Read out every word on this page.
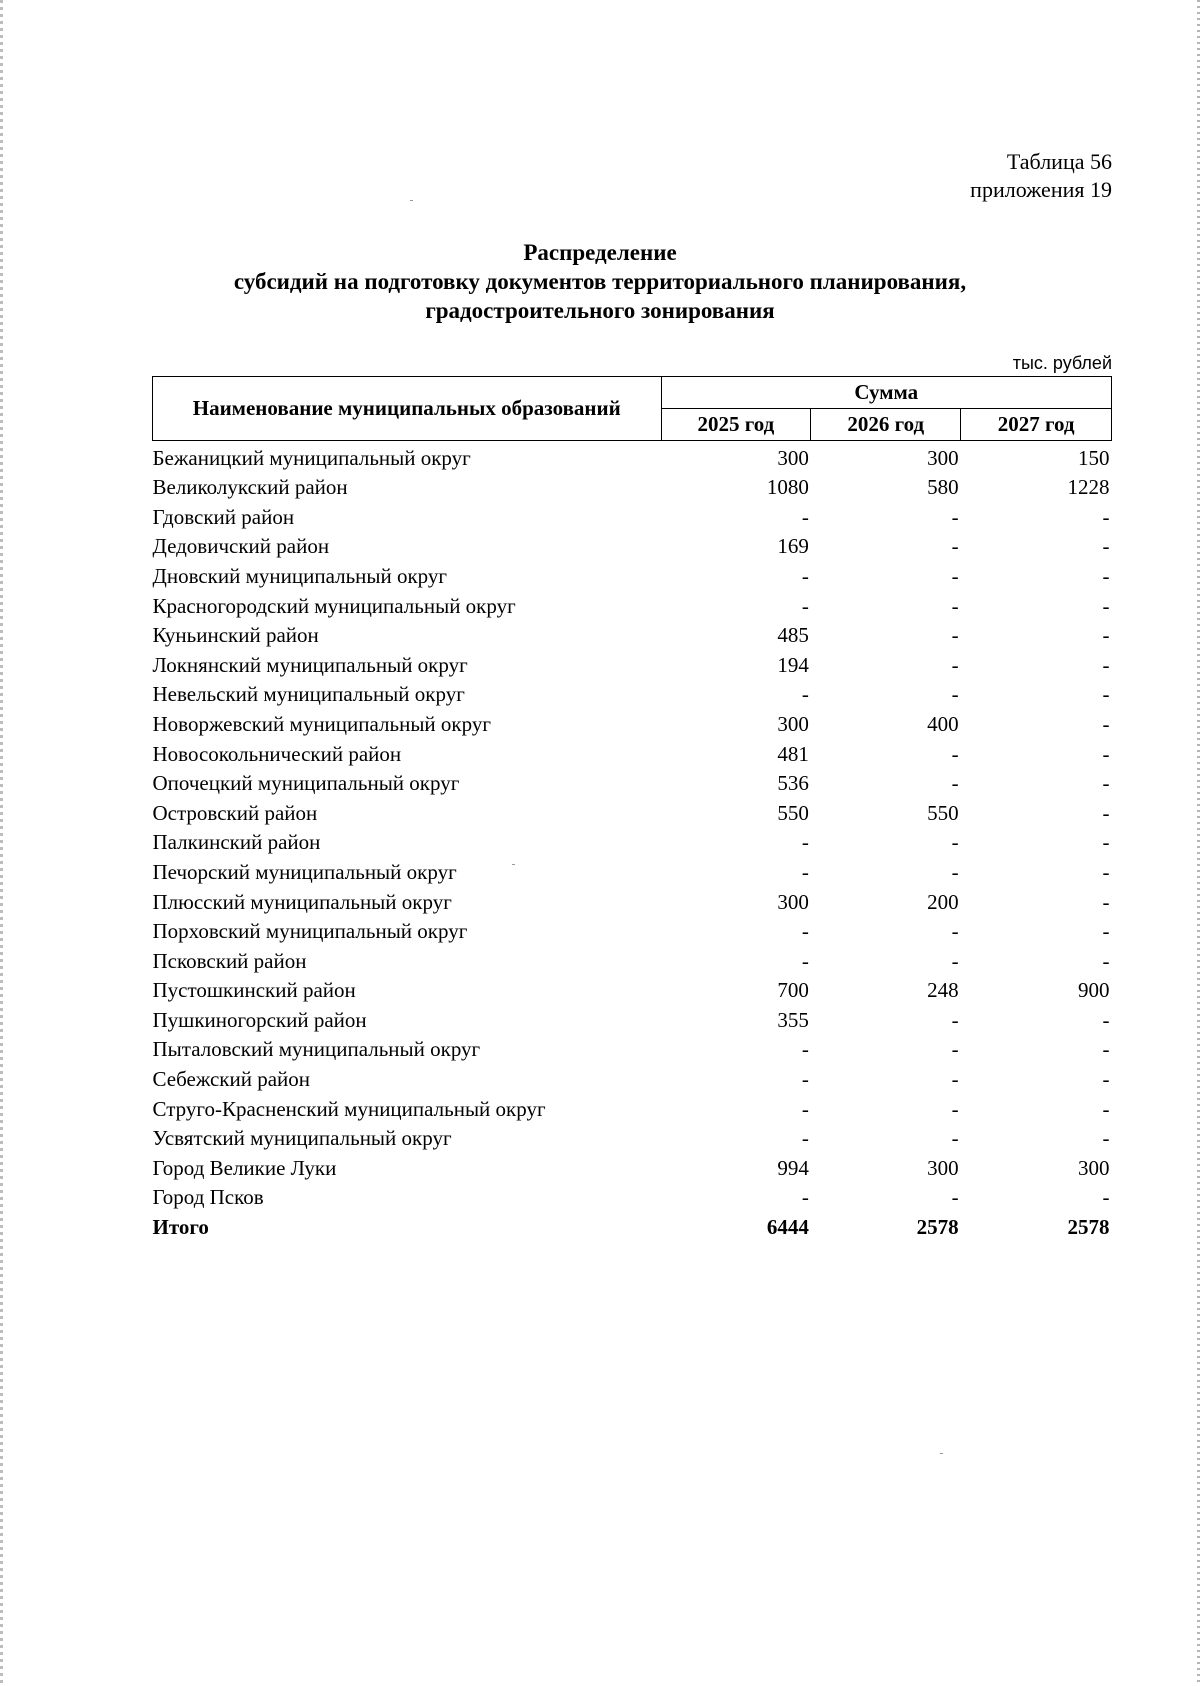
Таблица 56
приложения 19
Распределение
субсидий на подготовку документов территориального планирования,
градостроительного зонирования
тыс. рублей
Наименование муниципальных образований	Сумма		
	2025 год	2026 год	2027 год
Бежаницкий муниципальный округ	300	300	150
Великолукский район	1080	580	1228
Гдовский район	-	-	-
Дедовичский район	169	-	-
Дновский муниципальный округ	-	-	-
Красногородский муниципальный округ	-	-	-
Куньинский район	485	-	-
Локнянский муниципальный округ	194	-	-
Невельский муниципальный округ	-	-	-
Новоржевский муниципальный округ	300	400	-
Новосокольнический район	481	-	-
Опочецкий муниципальный округ	536	-	-
Островский район	550	550	-
Палкинский район	-	-	-
Печорский муниципальный округ	-	-	-
Плюсский муниципальный округ	300	200	-
Порховский муниципальный округ	-	-	-
Псковский район	-	-	-
Пустошкинский район	700	248	900
Пушкиногорский район	355	-	-
Пыталовский муниципальный округ	-	-	-
Себежский район	-	-	-
Струго-Красненский муниципальный округ	-	-	-
Усвятский муниципальный округ	-	-	-
Город Великие Луки	994	300	300
Город Псков	-	-	-
Итого	6444	2578	2578
